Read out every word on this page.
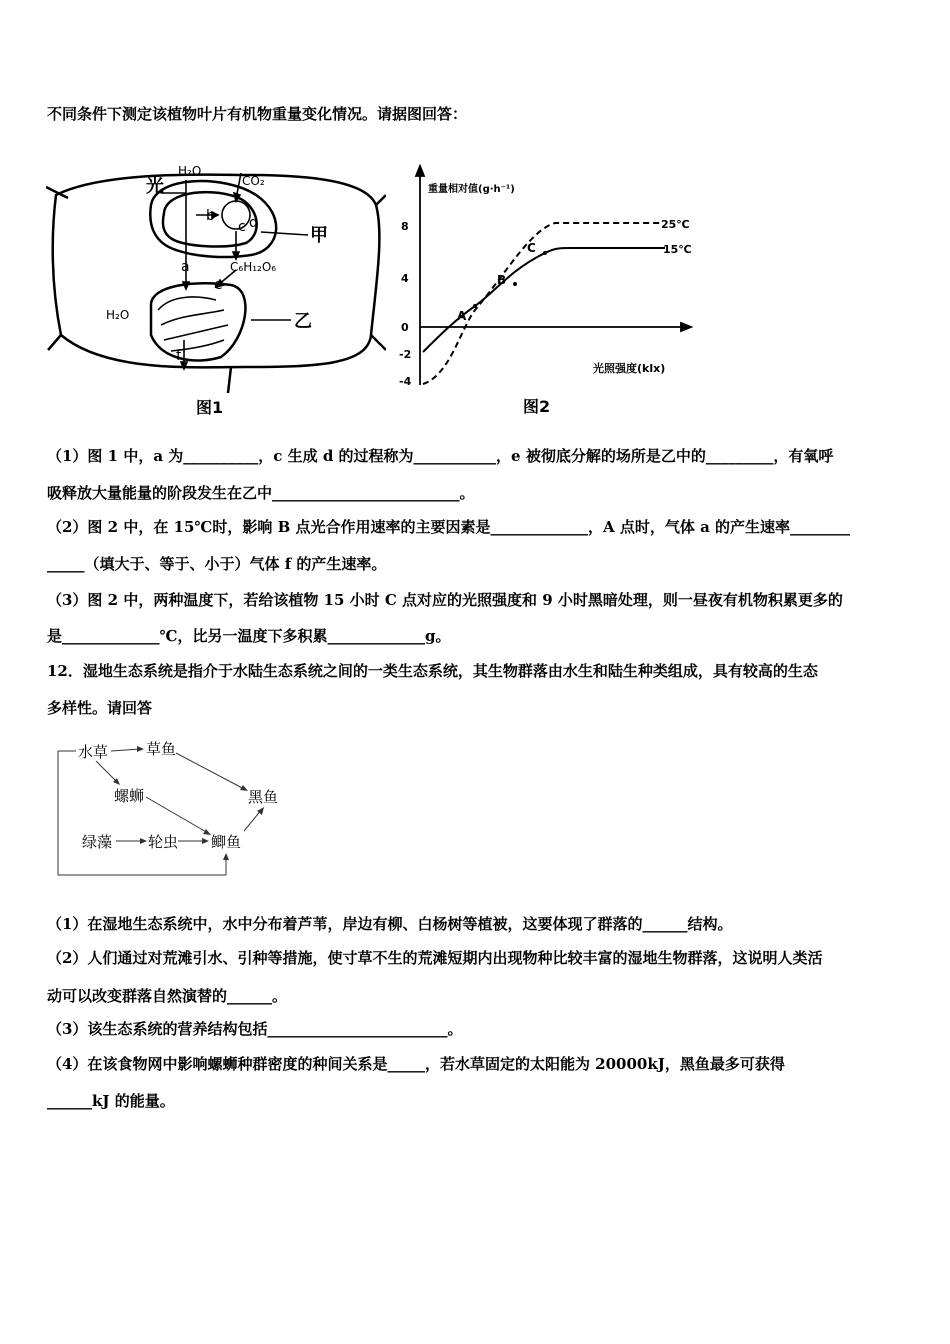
不同条件下测定该植物叶片有机物重量变化情况。请据图回答：
光
H₂O
CO₂
b d
a	C₆H₁₂O₆
c
e
f
H₂O
甲
乙
图1
重量相对值(g·h⁻¹)
8
4
0
-2
-4
A
B
C
25℃
15℃
光照强度(klx)
图2
（1）图 1 中，a 为__________，c 生成 d 的过程称为___________，e 被彻底分解的场所是乙中的_________，有氧呼
吸释放大量能量的阶段发生在乙中_________________________。
（2）图 2 中，在 15℃时，影响 B 点光合作用速率的主要因素是_____________，A 点时，气体 a 的产生速率________
_____（填大于、等于、小于）气体 f 的产生速率。
（3）图 2 中，两种温度下，若给该植物 15 小时 C 点对应的光照强度和 9 小时黑暗处理，则一昼夜有机物积累更多的
是_____________℃，比另一温度下多积累_____________g。
12．湿地生态系统是指介于水陆生态系统之间的一类生态系统，其生物群落由水生和陆生种类组成，具有较高的生态
多样性。请回答
水草	草鱼
螺蛳	黑鱼
绿藻 轮虫 鲫鱼
（1）在湿地生态系统中，水中分布着芦苇，岸边有柳、白杨树等植被，这要体现了群落的______结构。
（2）人们通过对荒滩引水、引种等措施，使寸草不生的荒滩短期内出现物种比较丰富的湿地生物群落，这说明人类活
动可以改变群落自然演替的______。
（3）该生态系统的营养结构包括________________________。
（4）在该食物网中影响螺蛳种群密度的种间关系是_____，若水草固定的太阳能为 20000kJ，黑鱼最多可获得
______kJ 的能量。
